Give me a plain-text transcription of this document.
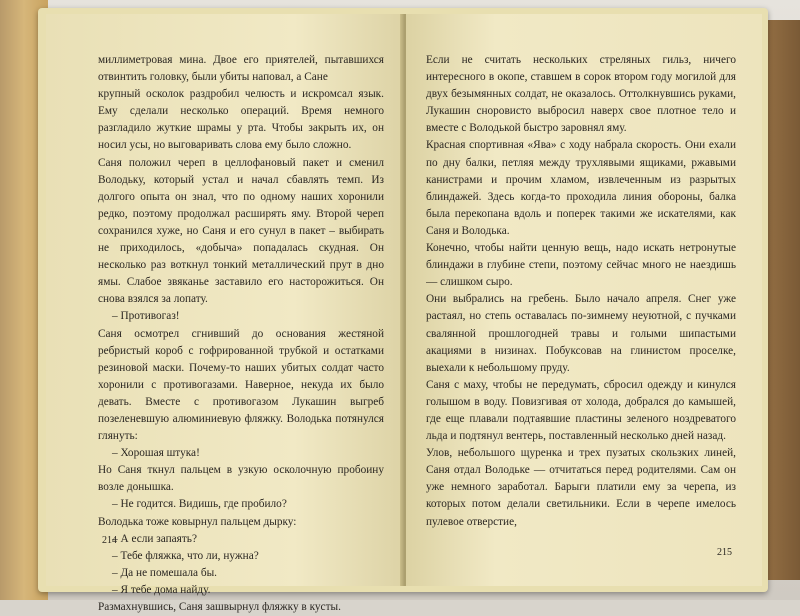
миллиметровая мина. Двое его приятелей, пытавшихся отвинтить головку, были убиты наповал, а Сане
крупный осколок раздробил челюсть и искромсал язык. Ему сделали несколько операций. Время немного разгладило жуткие шрамы у рта. Чтобы закрыть их, он носил усы, но выговаривать слова ему было сложно.
Саня положил череп в целлофановый пакет и сменил Володьку, который устал и начал сбавлять темп. Из долгого опыта он знал, что по одному наших хоронили редко, поэтому продолжал расширять яму. Второй череп сохранился хуже, но Саня и его сунул в пакет – выбирать не приходилось, «добыча» попадалась скудная. Он несколько раз воткнул тонкий металлический прут в дно ямы. Слабое звяканье заставило его насторожиться. Он снова взялся за лопату.
– Противогаз!
Саня осмотрел сгнивший до основания жестяной ребристый короб с гофрированной трубкой и остатками резиновой маски. Почему-то наших убитых солдат часто хоронили с противогазами. Наверное, некуда их было девать. Вместе с противогазом Лукашин выгреб позеленевшую алюминиевую фляжку. Володька потянулся глянуть:
– Хорошая штука!
Но Саня ткнул пальцем в узкую осколочную пробоину возле донышка.
– Не годится. Видишь, где пробило?
Володька тоже ковырнул пальцем дырку:
– А если запаять?
– Тебе фляжка, что ли, нужна?
– Да не помешала бы.
– Я тебе дома найду.
Размахнувшись, Саня зашвырнул фляжку в кусты.
214
Если не считать нескольких стреляных гильз, ничего интересного в окопе, ставшем в сорок втором году могилой для двух безымянных солдат, не оказалось. Оттолкнувшись руками, Лукашин сноровисто выбросил наверх свое плотное тело и вместе с Володькой быстро заровнял яму.
Красная спортивная «Ява» с ходу набрала скорость. Они ехали по дну балки, петляя между трухлявыми ящиками, ржавыми канистрами и прочим хламом, извлеченным из разрытых блиндажей. Здесь когда-то проходила линия обороны, балка была перекопана вдоль и поперек такими же искателями, как Саня и Володька.
Конечно, чтобы найти ценную вещь, надо искать нетронутые блиндажи в глубине степи, поэтому сейчас много не наездишь — слишком сыро.
Они выбрались на гребень. Было начало апреля. Снег уже растаял, но степь оставалась по-зимнему неуютной, с пучками свалянной прошлогодней травы и голыми шипастыми акациями в низинах. Побуксовав на глинистом проселке, выехали к небольшому пруду.
Саня с маху, чтобы не передумать, сбросил одежду и кинулся голышом в воду. Повизгивая от холода, добрался до камышей, где еще плавали подтаявшие пластины зеленого ноздреватого льда и подтянул вентерь, поставленный несколько дней назад.
Улов, небольшого щуренка и трех пузатых скользких линей, Саня отдал Володьке — отчитаться перед родителями. Сам он уже немного заработал. Барыги платили ему за черепа, из которых потом делали светильники. Если в черепе имелось пулевое отверстие,
215
